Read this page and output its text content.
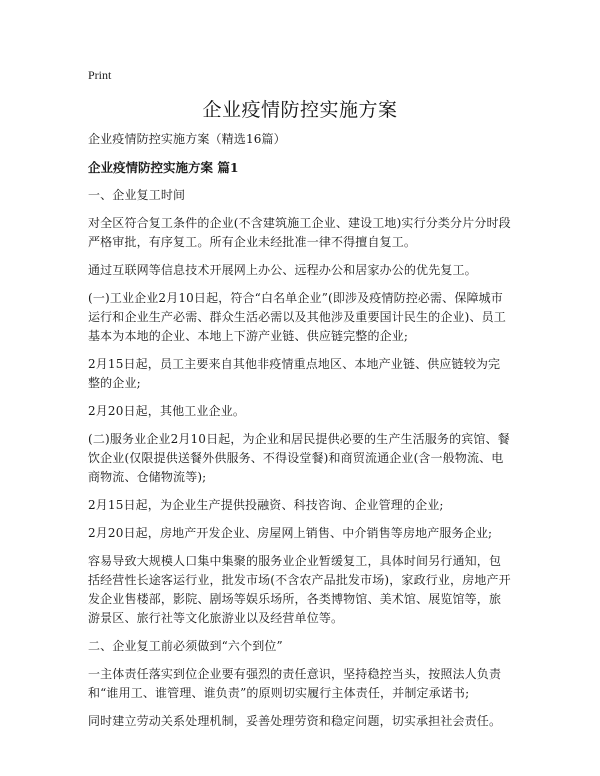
Print
企业疫情防控实施方案

企业疫情防控实施方案（精选16篇）

企业疫情防控实施方案 篇1

一、企业复工时间

对全区符合复工条件的企业(不含建筑施工企业、建设工地)实行分类分片分时段严格审批，有序复工。所有企业未经批准一律不得擅自复工。

通过互联网等信息技术开展网上办公、远程办公和居家办公的优先复工。

(一)工业企业2月10日起，符合“白名单企业”(即涉及疫情防控必需、保障城市运行和企业生产必需、群众生活必需以及其他涉及重要国计民生的企业)、员工基本为本地的企业、本地上下游产业链、供应链完整的企业;

2月15日起，员工主要来自其他非疫情重点地区、本地产业链、供应链较为完整的企业;

2月20日起，其他工业企业。

(二)服务业企业2月10日起，为企业和居民提供必要的生产生活服务的宾馆、餐饮企业(仅限提供送餐外供服务、不得设堂餐)和商贸流通企业(含一般物流、电商物流、仓储物流等);

2月15日起，为企业生产提供投融资、科技咨询、企业管理的企业;

2月20日起，房地产开发企业、房屋网上销售、中介销售等房地产服务企业;

容易导致大规模人口集中集聚的服务业企业暂缓复工，具体时间另行通知，包括经营性长途客运行业，批发市场(不含农产品批发市场)，家政行业，房地产开发企业售楼部，影院、剧场等娱乐场所，各类博物馆、美术馆、展览馆等，旅游景区、旅行社等文化旅游业以及经营单位等。

二、企业复工前必须做到“六个到位”

一主体责任落实到位企业要有强烈的责任意识，坚持稳控当头，按照法人负责和“谁用工、谁管理、谁负责”的原则切实履行主体责任，并制定承诺书;

同时建立劳动关系处理机制，妥善处理劳资和稳定问题，切实承担社会责任。
